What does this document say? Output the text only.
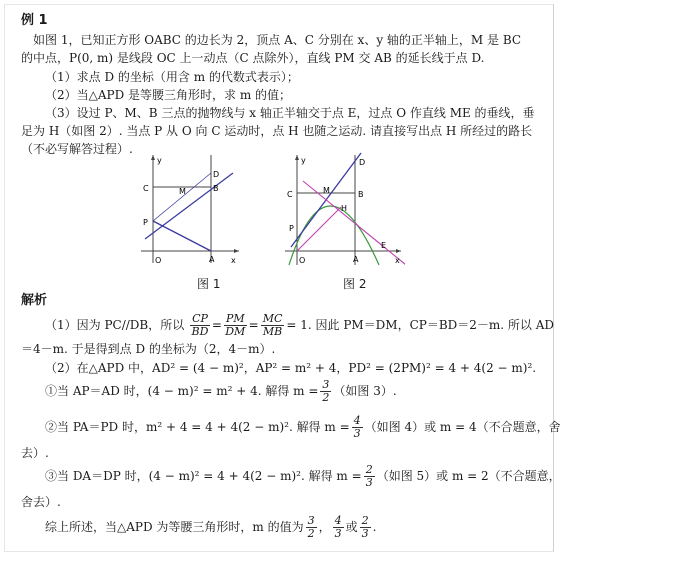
例 1
如图 1，已知正方形 OABC 的边长为 2，顶点 A、C 分别在 x、y 轴的正半轴上，M 是 BC
的中点，P(0, m) 是线段 OC 上一动点（C 点除外），直线 PM 交 AB 的延长线于点 D.
（1）求点 D 的坐标（用含 m 的代数式表示）；
（2）当△APD 是等腰三角形时，求 m 的值；
（3）设过 P、M、B 三点的抛物线与 x 轴正半轴交于点 E，过点 O 作直线 ME 的垂线，垂
足为 H（如图 2）. 当点 P 从 O 向 C 运动时，点 H 也随之运动. 请直接写出点 H 所经过的路长
（不必写解答过程）.
y
x
O	A
B
C
D
M
P
图 1
y
x
O	A
B
C
D
M
H
P
E
图 2
解析
（1）因为 PC//DB，所以 $\frac{CP}{BD} = \frac{PM}{DM} = \frac{MC}{MB} = 1$. 因此 PM＝DM，CP＝BD＝2－m. 所以 AD
＝4－m. 于是得到点 D 的坐标为（2，4－m）.
（2）在△APD 中，AD² = (4 − m)²，AP² = m² + 4，PD² = (2PM)² = 4 + 4(2 − m)².
①当 AP＝AD 时，(4 − m)² = m² + 4. 解得 $m = \frac{3}{2}$ （如图 3）.
②当 PA＝PD 时，m² + 4 = 4 + 4(2 − m)². 解得 $m = \frac{4}{3}$ （如图 4）或 m = 4（不合题意，舍
去）.
③当 DA＝DP 时，(4 − m)² = 4 + 4(2 − m)². 解得 $m = \frac{2}{3}$ （如图 5）或 m = 2（不合题意，
舍去）.
综上所述，当△APD 为等腰三角形时，m 的值为 $\frac{3}{2}$ ， $\frac{4}{3}$ 或 $\frac{2}{3}$ .
